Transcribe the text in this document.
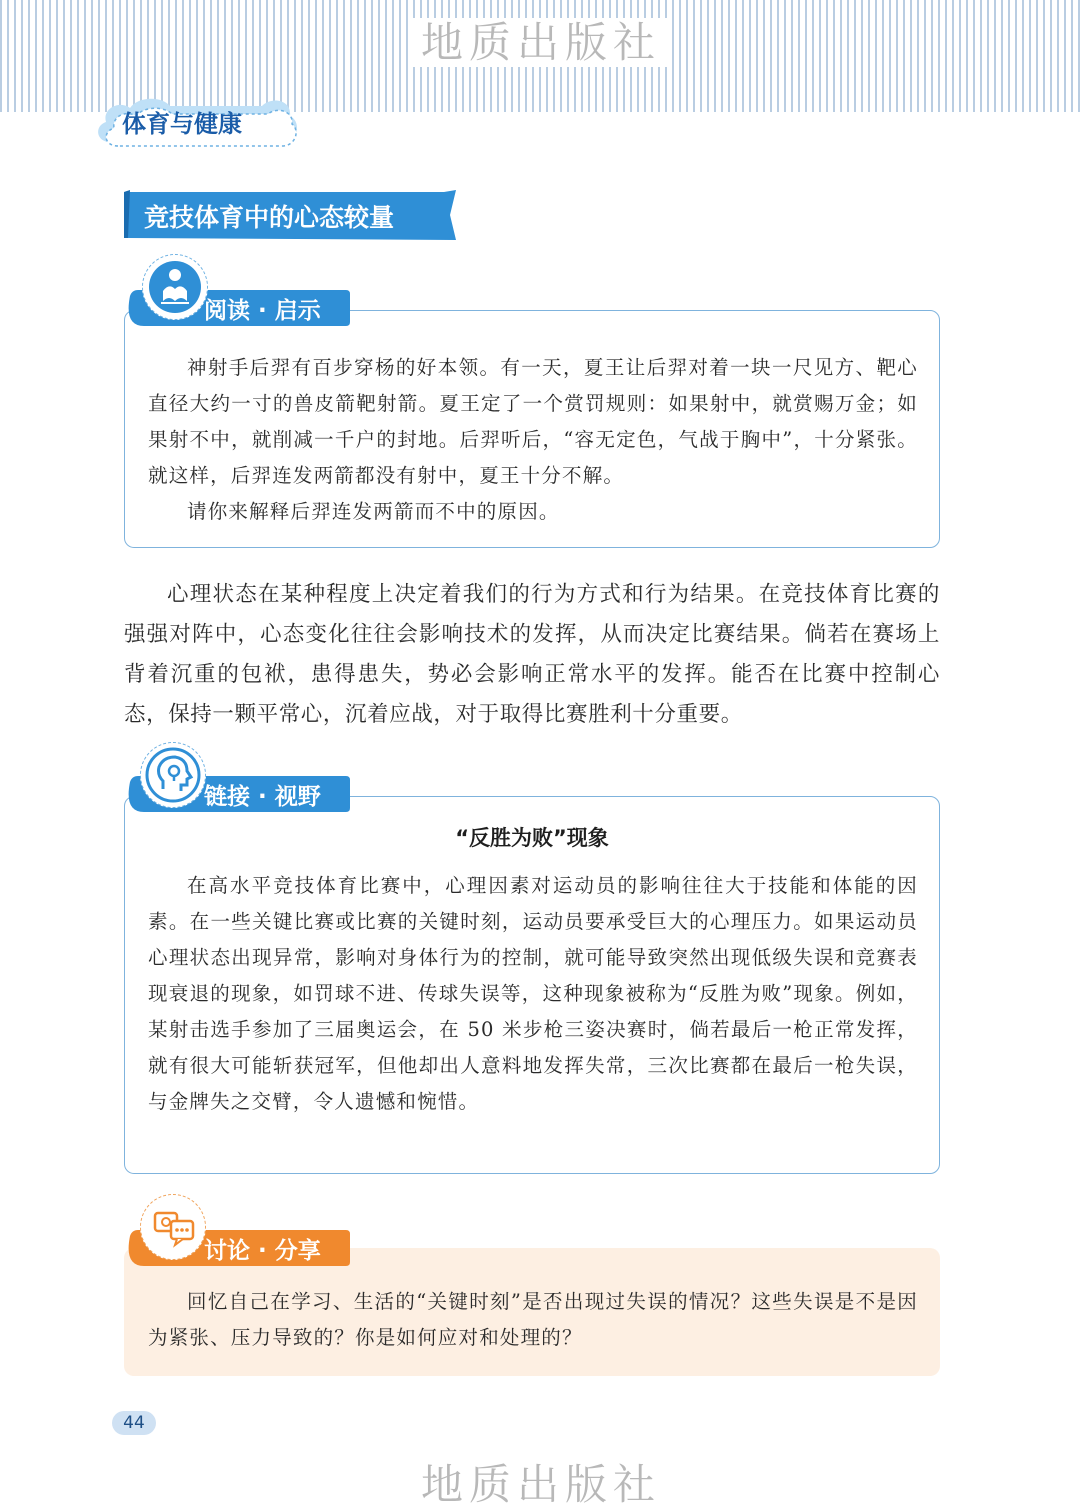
地质出版社
体育与健康
竞技体育中的心态较量
阅读 · 启示
神射手后羿有百步穿杨的好本领。有一天，夏王让后羿对着一块一尺见方、靶心直径大约一寸的兽皮箭靶射箭。夏王定了一个赏罚规则：如果射中，就赏赐万金；如果射不中，就削减一千户的封地。后羿听后，“容无定色，气战于胸中”，十分紧张。就这样，后羿连发两箭都没有射中，夏王十分不解。
请你来解释后羿连发两箭而不中的原因。
心理状态在某种程度上决定着我们的行为方式和行为结果。在竞技体育比赛的强强对阵中，心态变化往往会影响技术的发挥，从而决定比赛结果。倘若在赛场上背着沉重的包袱，患得患失，势必会影响正常水平的发挥。能否在比赛中控制心态，保持一颗平常心，沉着应战，对于取得比赛胜利十分重要。
链接 · 视野
“反胜为败”现象
在高水平竞技体育比赛中，心理因素对运动员的影响往往大于技能和体能的因素。在一些关键比赛或比赛的关键时刻，运动员要承受巨大的心理压力。如果运动员心理状态出现异常，影响对身体行为的控制，就可能导致突然出现低级失误和竞赛表现衰退的现象，如罚球不进、传球失误等，这种现象被称为“反胜为败”现象。例如，某射击选手参加了三届奥运会，在 50 米步枪三姿决赛时，倘若最后一枪正常发挥，就有很大可能斩获冠军，但他却出人意料地发挥失常，三次比赛都在最后一枪失误，与金牌失之交臂，令人遗憾和惋惜。
讨论 · 分享
回忆自己在学习、生活的“关键时刻”是否出现过失误的情况？这些失误是不是因为紧张、压力导致的？你是如何应对和处理的？
44
地质出版社
